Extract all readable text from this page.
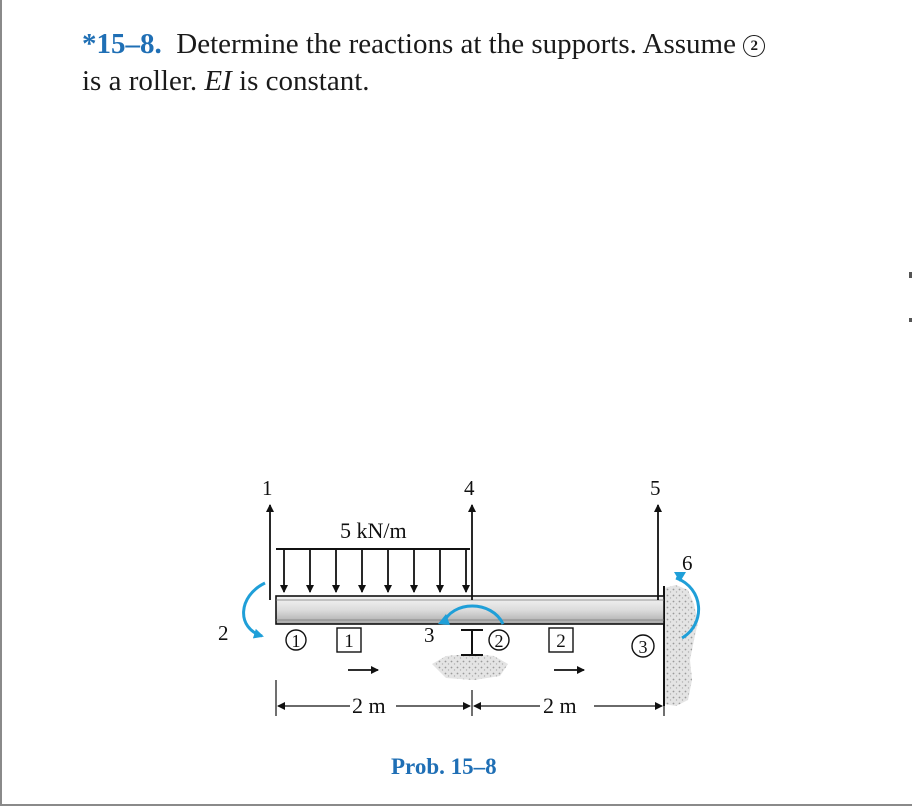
*15–8. Determine the reactions at the supports. Assume 2
is a roller. EI is constant.
5 kN/m
1
2	3
4	5
6
1	2	3
1	2
2 m	2 m
Prob. 15–8
